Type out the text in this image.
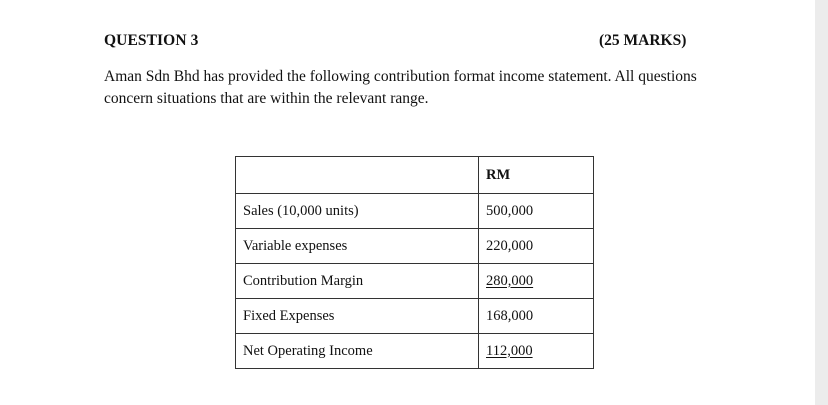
QUESTION 3	(25 MARKS)
Aman Sdn Bhd has provided the following contribution format income statement. All questions
concern situations that are within the relevant range.
	RM
Sales (10,000 units)	500,000
Variable expenses	220,000
Contribution Margin	280,000
Fixed Expenses	168,000
Net Operating Income	112,000
